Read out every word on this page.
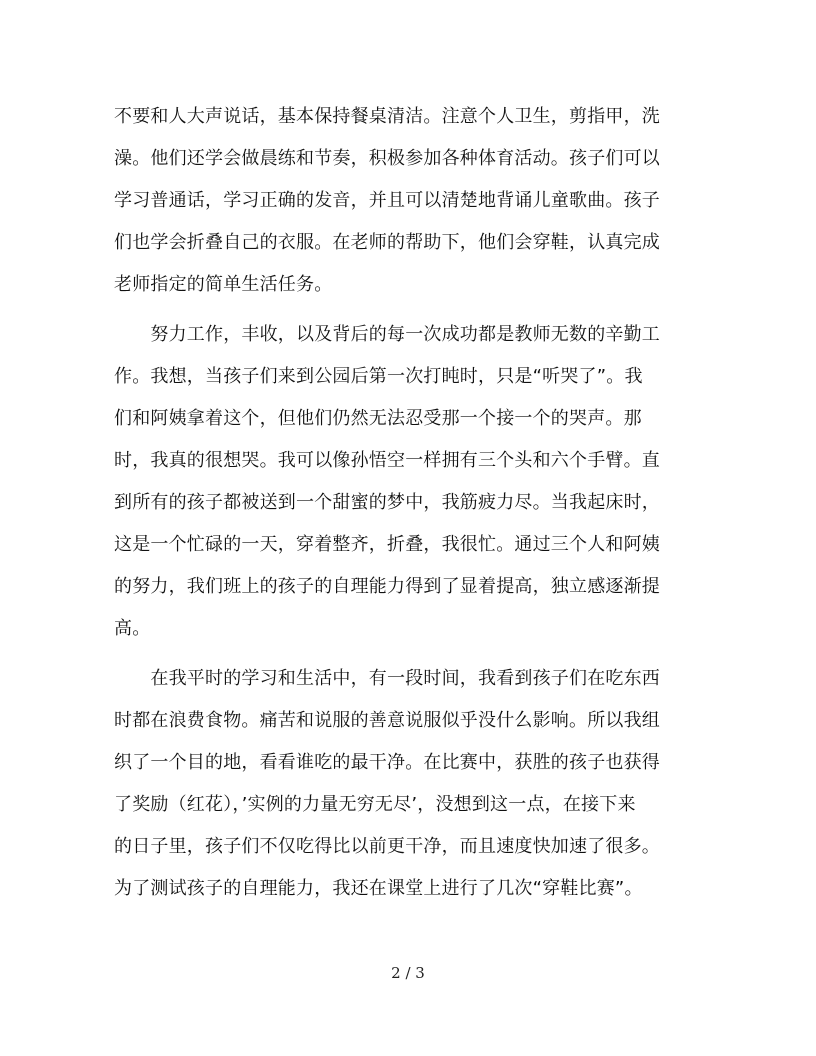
不要和人大声说话，基本保持餐桌清洁。注意个人卫生，剪指甲，洗
澡。他们还学会做晨练和节奏，积极参加各种体育活动。孩子们可以
学习普通话，学习正确的发音，并且可以清楚地背诵儿童歌曲。孩子
们也学会折叠自己的衣服。在老师的帮助下，他们会穿鞋，认真完成
老师指定的简单生活任务。
　　努力工作，丰收，以及背后的每一次成功都是教师无数的辛勤工
作。我想，当孩子们来到公园后第一次打盹时，只是“听哭了”。我
们和阿姨拿着这个，但他们仍然无法忍受那一个接一个的哭声。那
时，我真的很想哭。我可以像孙悟空一样拥有三个头和六个手臂。直
到所有的孩子都被送到一个甜蜜的梦中，我筋疲力尽。当我起床时，
这是一个忙碌的一天，穿着整齐，折叠，我很忙。通过三个人和阿姨
的努力，我们班上的孩子的自理能力得到了显着提高，独立感逐渐提
高。
　　在我平时的学习和生活中，有一段时间，我看到孩子们在吃东西
时都在浪费食物。痛苦和说服的善意说服似乎没什么影响。所以我组
织了一个目的地，看看谁吃的最干净。在比赛中，获胜的孩子也获得
了奖励（红花），’实例的力量无穷无尽’，没想到这一点，在接下来
的日子里，孩子们不仅吃得比以前更干净，而且速度快加速了很多。
为了测试孩子的自理能力，我还在课堂上进行了几次“穿鞋比赛”。
2 / 3
